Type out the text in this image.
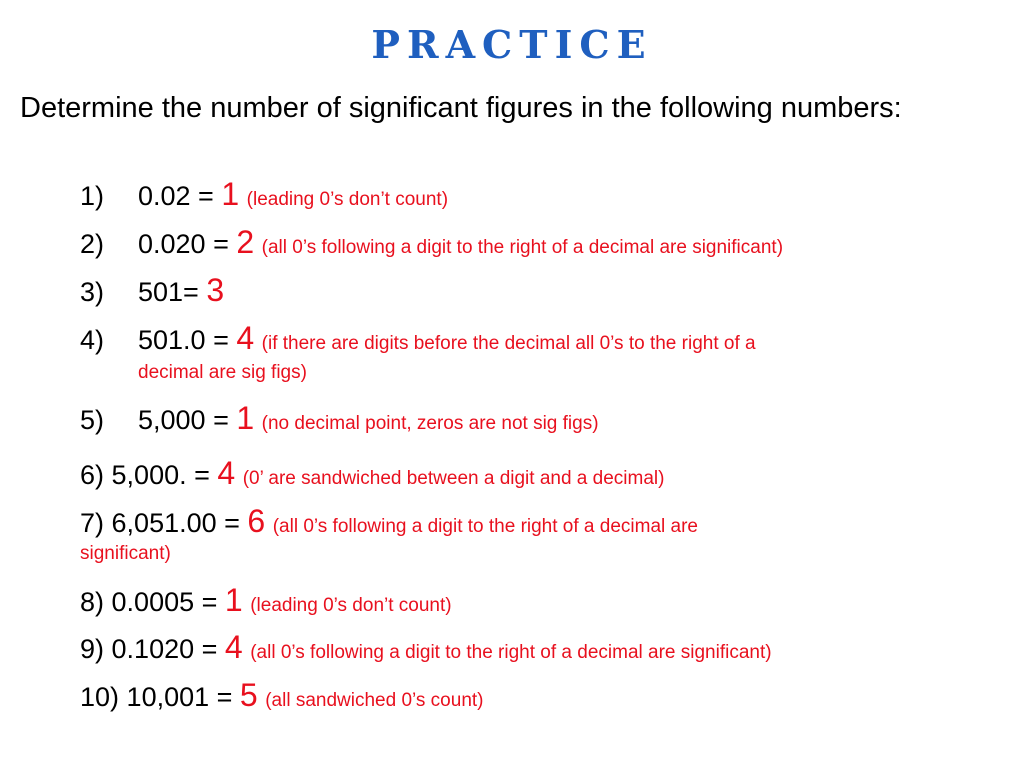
PRACTICE
Determine the number of significant figures in the following numbers:
1) 0.02 = 1 (leading 0’s don’t count)
2) 0.020 = 2 (all 0’s following a digit to the right of a decimal are significant)
3) 501= 3
4) 501.0 = 4 (if there are digits before the decimal all 0’s to the right of a
decimal are sig figs)
5) 5,000 = 1 (no decimal point, zeros are not sig figs)
6) 5,000. = 4 (0’ are sandwiched between a digit and a decimal)
7) 6,051.00 = 6 (all 0’s following a digit to the right of a decimal are
significant)
8) 0.0005 = 1 (leading 0’s don’t count)
9) 0.1020 = 4 (all 0’s following a digit to the right of a decimal are significant)
10) 10,001 = 5 (all sandwiched 0’s count)
